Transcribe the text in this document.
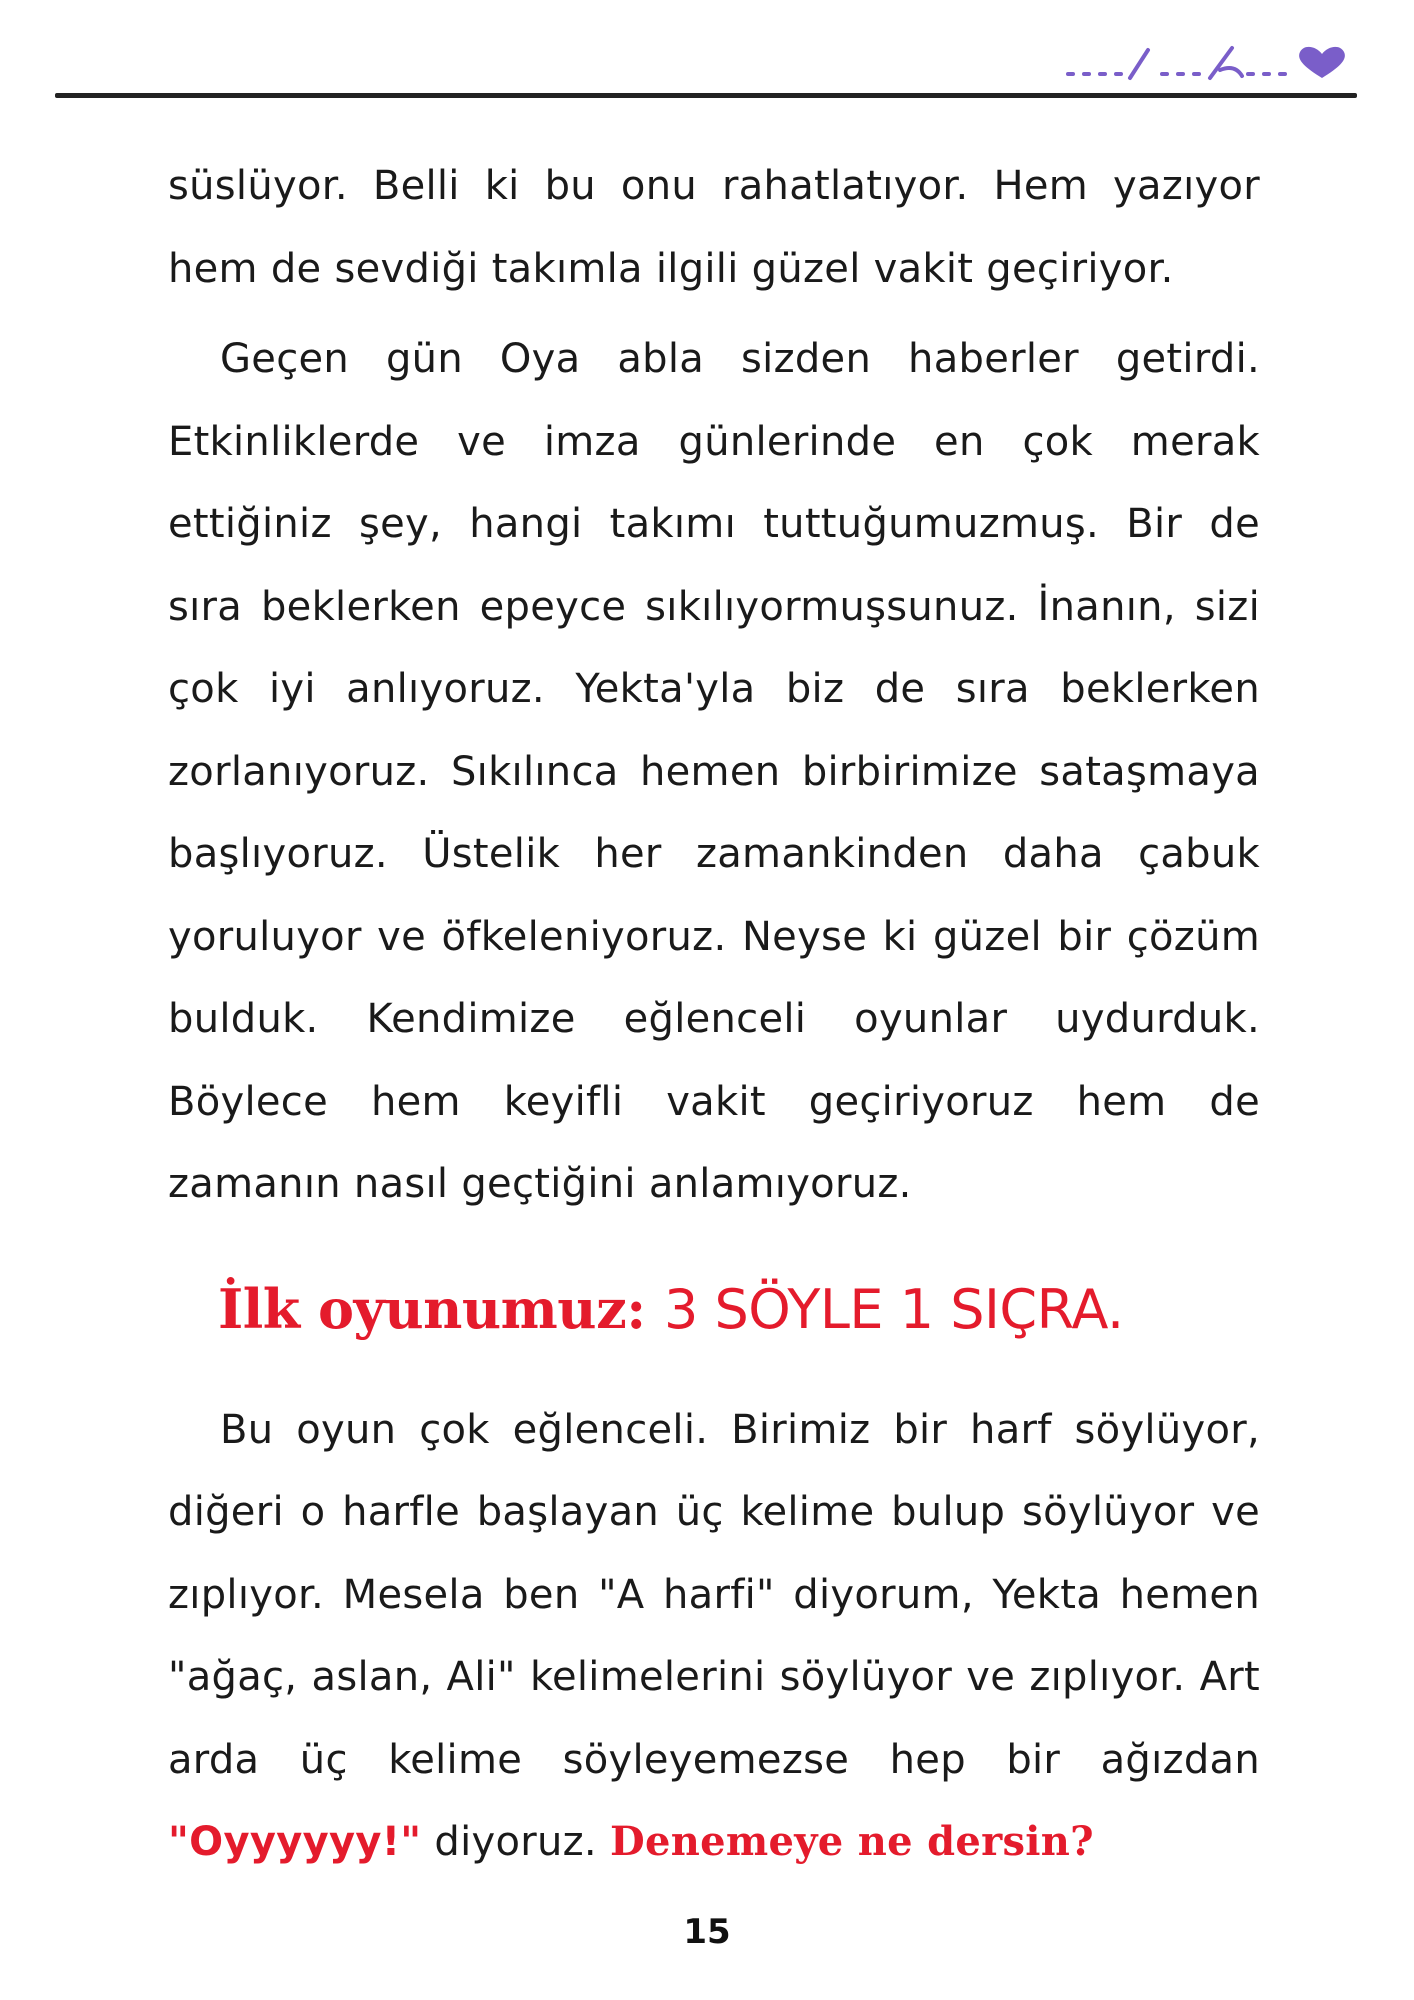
süslüyor. Belli ki bu onu rahatlatıyor. Hem yazıyor hem de sevdiği takımla ilgili güzel vakit geçiriyor.

Geçen gün Oya abla sizden haberler getirdi. Etkinliklerde ve imza günlerinde en çok merak ettiğiniz şey, hangi takımı tuttuğumuzmuş. Bir de sıra beklerken epeyce sıkılıyormuşsunuz. İnanın, sizi çok iyi anlıyoruz. Yekta'yla biz de sıra beklerken zorlanıyoruz. Sıkılınca hemen birbirimize sataşmaya başlıyoruz. Üstelik her zamankinden daha çabuk yoruluyor ve öfkeleniyoruz. Neyse ki güzel bir çözüm bulduk. Kendimize eğlenceli oyunlar uydurduk. Böylece hem keyifli vakit geçiriyoruz hem de zamanın nasıl geçtiğini anlamıyoruz.

İlk oyunumuz: 3 SÖYLE 1 SIÇRA.

Bu oyun çok eğlenceli. Birimiz bir harf söylüyor, diğeri o harfle başlayan üç kelime bulup söylüyor ve zıplıyor. Mesela ben "A harfi" diyorum, Yekta hemen "ağaç, aslan, Ali" kelimelerini söylüyor ve zıplıyor. Art arda üç kelime söyleyemezse hep bir ağızdan "Oyyyyyy!" diyoruz. Denemeye ne dersin?

15
